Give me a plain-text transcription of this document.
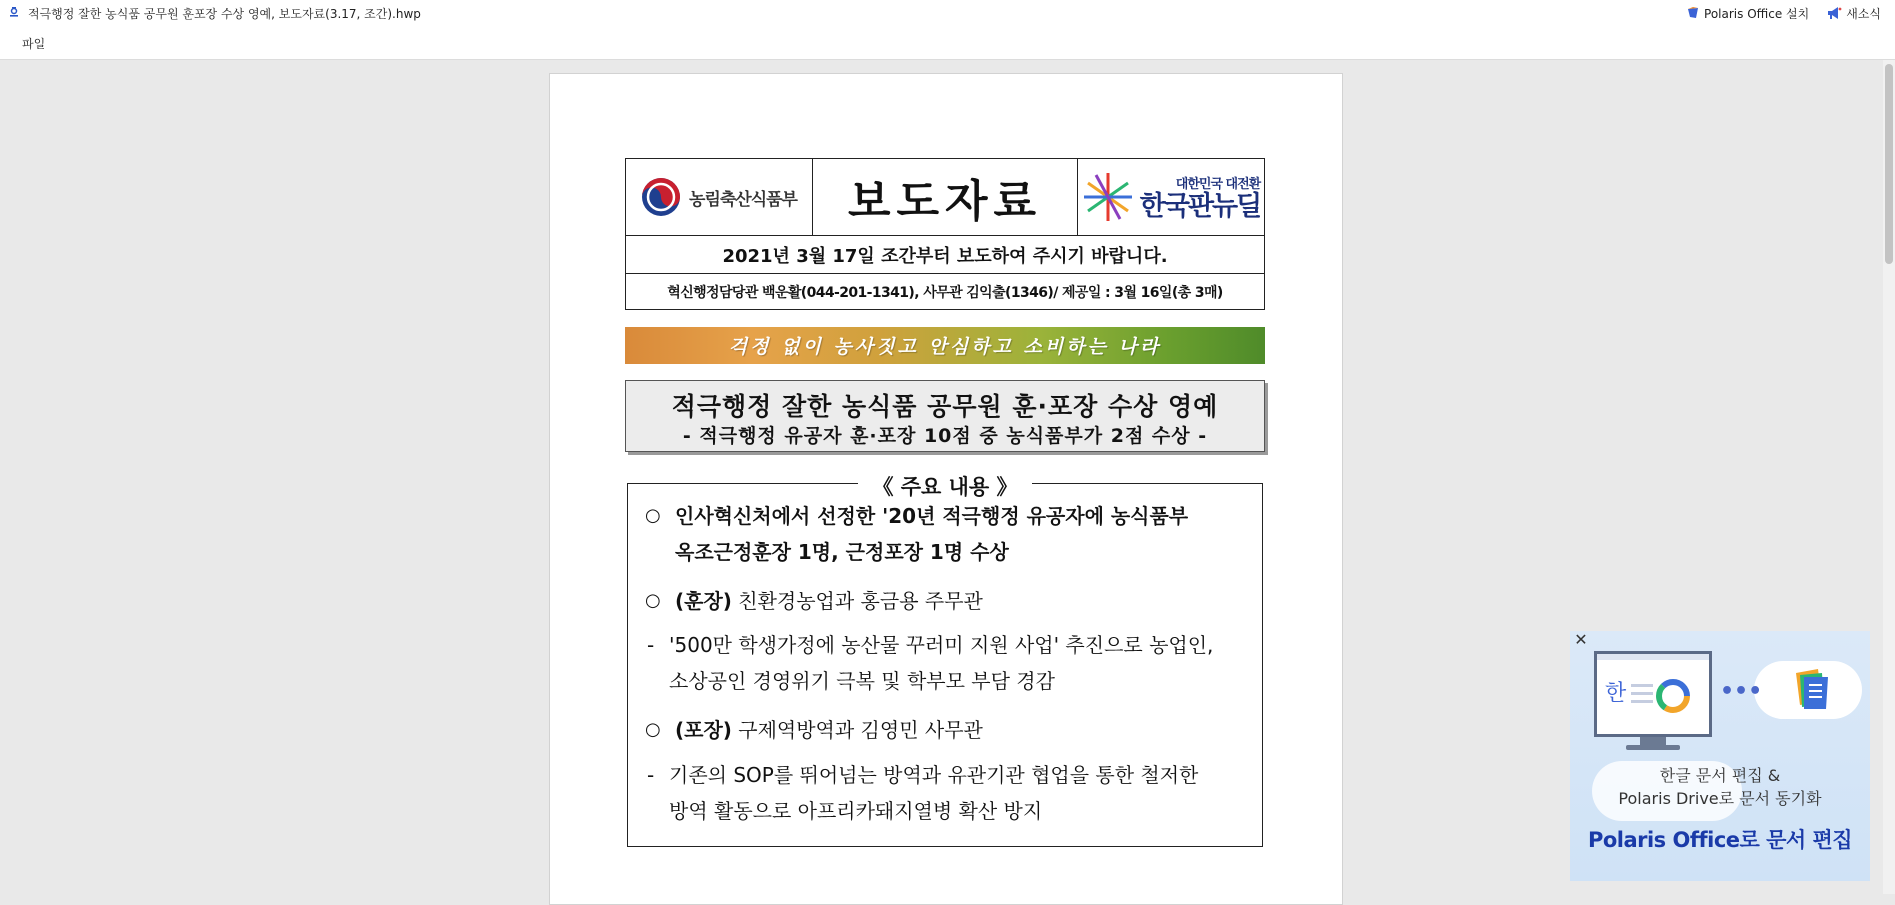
적극행정 잘한 농식품 공무원 훈포장 수상 영예, 보도자료(3.17, 조간).hwp	Polaris Office 설치	새소식
파일
농림축산식품부 보도자료	대한민국 대전환
한국판뉴딜
2021년 3월 17일 조간부터 보도하여 주시기 바랍니다.
혁신행정담당관 백운활(044-201-1341), 사무관 김익출(1346)/ 제공일 : 3월 16일(총 3매)
걱정 없이 농사짓고 안심하고 소비하는 나라
적극행정 잘한 농식품 공무원 훈·포장 수상 영예
- 적극행정 유공자 훈·포장 10점 중 농식품부가 2점 수상 -
《 주요 내용 》
○ 인사혁신처에서 선정한 '20년 적극행정 유공자에 농식품부
옥조근정훈장 1명, 근정포장 1명 수상
○ (훈장) 친환경농업과 홍금용 주무관
- '500만 학생가정에 농산물 꾸러미 지원 사업' 추진으로 농업인,
소상공인 경영위기 극복 및 학부모 부담 경감
○ (포장) 구제역방역과 김영민 사무관
- 기존의 SOP를 뛰어넘는 방역과 유관기관 협업을 통한 철저한
방역 활동으로 아프리카돼지열병 확산 방지
✕
한	•••
한글 문서 편집 &
Polaris Drive로 문서 동기화
Polaris Office로 문서 편집
